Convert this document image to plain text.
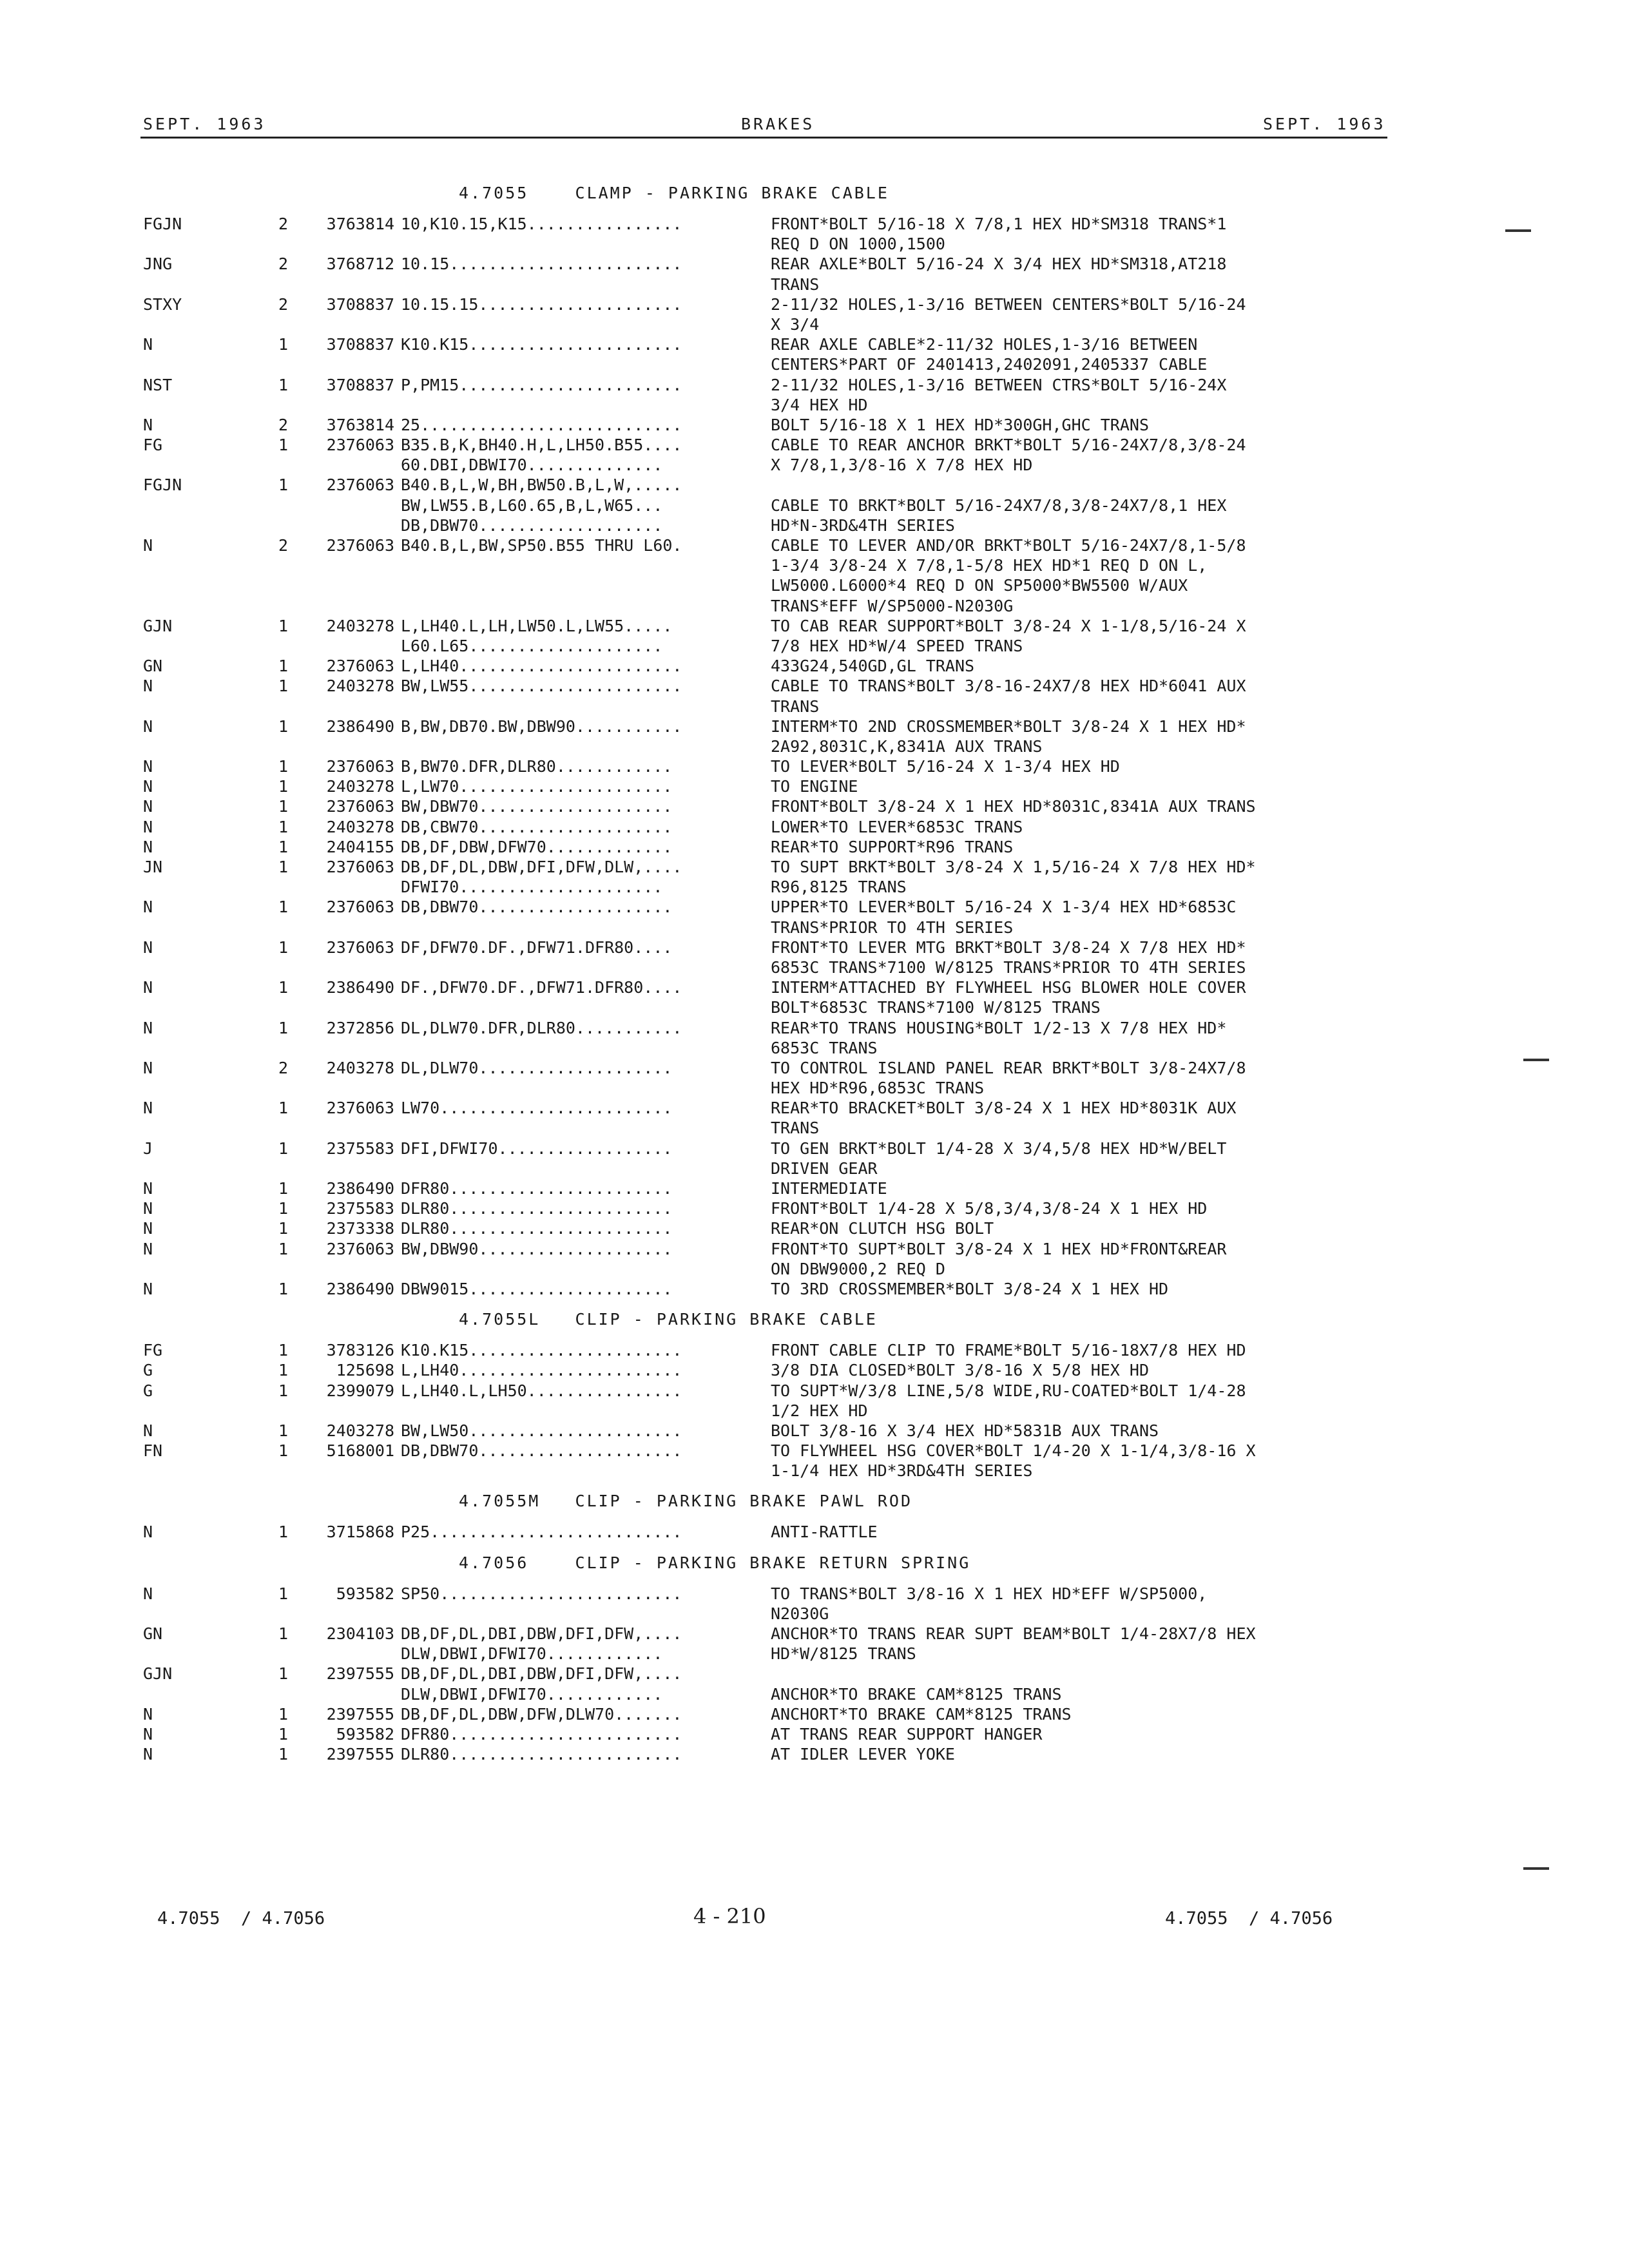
SEPT. 1963	BRAKES	SEPT. 1963
4.7055    CLAMP - PARKING BRAKE CABLE
FGJN	2	3763814 10,K10.15,K15................	FRONT*BOLT 5/16-18 X 7/8,1 HEX HD*SM318 TRANS*1
REQ D ON 1000,1500
JNG	2	3768712 10.15........................	REAR AXLE*BOLT 5/16-24 X 3/4 HEX HD*SM318,AT218
TRANS
STXY	2	3708837 10.15.15.....................	2-11/32 HOLES,1-3/16 BETWEEN CENTERS*BOLT 5/16-24
X 3/4
N	1	3708837 K10.K15......................	REAR AXLE CABLE*2-11/32 HOLES,1-3/16 BETWEEN
CENTERS*PART OF 2401413,2402091,2405337 CABLE
NST	1	3708837 P,PM15.......................	2-11/32 HOLES,1-3/16 BETWEEN CTRS*BOLT 5/16-24X
3/4 HEX HD
N	2	3763814 25...........................	BOLT 5/16-18 X 1 HEX HD*300GH,GHC TRANS
FG	1	2376063 B35.B,K,BH40.H,L,LH50.B55....	CABLE TO REAR ANCHOR BRKT*BOLT 5/16-24X7/8,3/8-24
60.DBI,DBWI70..............	X 7/8,1,3/8-16 X 7/8 HEX HD
FGJN	1	2376063 B40.B,L,W,BH,BW50.B,L,W,.....
BW,LW55.B,L60.65,B,L,W65...	CABLE TO BRKT*BOLT 5/16-24X7/8,3/8-24X7/8,1 HEX
DB,DBW70...................	HD*N-3RD&4TH SERIES
N	2	2376063 B40.B,L,BW,SP50.B55 THRU L60.	CABLE TO LEVER AND/OR BRKT*BOLT 5/16-24X7/8,1-5/8
1-3/4 3/8-24 X 7/8,1-5/8 HEX HD*1 REQ D ON L,
LW5000.L6000*4 REQ D ON SP5000*BW5500 W/AUX
TRANS*EFF W/SP5000-N2030G
GJN	1	2403278 L,LH40.L,LH,LW50.L,LW55.....	TO CAB REAR SUPPORT*BOLT 3/8-24 X 1-1/8,5/16-24 X
L60.L65....................	7/8 HEX HD*W/4 SPEED TRANS
GN	1	2376063 L,LH40.......................	433G24,540GD,GL TRANS
N	1	2403278 BW,LW55......................	CABLE TO TRANS*BOLT 3/8-16-24X7/8 HEX HD*6041 AUX
TRANS
N	1	2386490 B,BW,DB70.BW,DBW90...........	INTERM*TO 2ND CROSSMEMBER*BOLT 3/8-24 X 1 HEX HD*
2A92,8031C,K,8341A AUX TRANS
N	1	2376063 B,BW70.DFR,DLR80............	TO LEVER*BOLT 5/16-24 X 1-3/4 HEX HD
N	1	2403278 L,LW70......................	TO ENGINE
N	1	2376063 BW,DBW70....................	FRONT*BOLT 3/8-24 X 1 HEX HD*8031C,8341A AUX TRANS
N	1	2403278 DB,CBW70....................	LOWER*TO LEVER*6853C TRANS
N	1	2404155 DB,DF,DBW,DFW70.............	REAR*TO SUPPORT*R96 TRANS
JN	1	2376063 DB,DF,DL,DBW,DFI,DFW,DLW,....	TO SUPT BRKT*BOLT 3/8-24 X 1,5/16-24 X 7/8 HEX HD*
DFWI70.....................	R96,8125 TRANS
N	1	2376063 DB,DBW70....................	UPPER*TO LEVER*BOLT 5/16-24 X 1-3/4 HEX HD*6853C
TRANS*PRIOR TO 4TH SERIES
N	1	2376063 DF,DFW70.DF.,DFW71.DFR80....	FRONT*TO LEVER MTG BRKT*BOLT 3/8-24 X 7/8 HEX HD*
6853C TRANS*7100 W/8125 TRANS*PRIOR TO 4TH SERIES
N	1	2386490 DF.,DFW70.DF.,DFW71.DFR80....	INTERM*ATTACHED BY FLYWHEEL HSG BLOWER HOLE COVER
BOLT*6853C TRANS*7100 W/8125 TRANS
N	1	2372856 DL,DLW70.DFR,DLR80...........	REAR*TO TRANS HOUSING*BOLT 1/2-13 X 7/8 HEX HD*
6853C TRANS
N	2	2403278 DL,DLW70....................	TO CONTROL ISLAND PANEL REAR BRKT*BOLT 3/8-24X7/8
HEX HD*R96,6853C TRANS
N	1	2376063 LW70........................	REAR*TO BRACKET*BOLT 3/8-24 X 1 HEX HD*8031K AUX
TRANS
J	1	2375583 DFI,DFWI70..................	TO GEN BRKT*BOLT 1/4-28 X 3/4,5/8 HEX HD*W/BELT
DRIVEN GEAR
N	1	2386490 DFR80.......................	INTERMEDIATE
N	1	2375583 DLR80.......................	FRONT*BOLT 1/4-28 X 5/8,3/4,3/8-24 X 1 HEX HD
N	1	2373338 DLR80.......................	REAR*ON CLUTCH HSG BOLT
N	1	2376063 BW,DBW90....................	FRONT*TO SUPT*BOLT 3/8-24 X 1 HEX HD*FRONT&REAR
ON DBW9000,2 REQ D
N	1	2386490 DBW9015.....................	TO 3RD CROSSMEMBER*BOLT 3/8-24 X 1 HEX HD
4.7055L   CLIP - PARKING BRAKE CABLE
FG	1	3783126 K10.K15......................	FRONT CABLE CLIP TO FRAME*BOLT 5/16-18X7/8 HEX HD
G	1	125698 L,LH40.......................	3/8 DIA CLOSED*BOLT 3/8-16 X 5/8 HEX HD
G	1	2399079 L,LH40.L,LH50................	TO SUPT*W/3/8 LINE,5/8 WIDE,RU-COATED*BOLT 1/4-28
1/2 HEX HD
N	1	2403278 BW,LW50......................	BOLT 3/8-16 X 3/4 HEX HD*5831B AUX TRANS
FN	1	5168001 DB,DBW70.....................	TO FLYWHEEL HSG COVER*BOLT 1/4-20 X 1-1/4,3/8-16 X
1-1/4 HEX HD*3RD&4TH SERIES
4.7055M   CLIP - PARKING BRAKE PAWL ROD
N	1	3715868 P25..........................	ANTI-RATTLE
4.7056    CLIP - PARKING BRAKE RETURN SPRING
N	1	593582 SP50.........................	TO TRANS*BOLT 3/8-16 X 1 HEX HD*EFF W/SP5000,
N2030G
GN	1	2304103 DB,DF,DL,DBI,DBW,DFI,DFW,....	ANCHOR*TO TRANS REAR SUPT BEAM*BOLT 1/4-28X7/8 HEX
DLW,DBWI,DFWI70............	HD*W/8125 TRANS
GJN	1	2397555 DB,DF,DL,DBI,DBW,DFI,DFW,....
DLW,DBWI,DFWI70............	ANCHOR*TO BRAKE CAM*8125 TRANS
N	1	2397555 DB,DF,DL,DBW,DFW,DLW70.......	ANCHORT*TO BRAKE CAM*8125 TRANS
N	1	593582 DFR80........................	AT TRANS REAR SUPPORT HANGER
N	1	2397555 DLR80........................	AT IDLER LEVER YOKE
4.7055  / 4.7056	4 - 210	4.7055  / 4.7056
